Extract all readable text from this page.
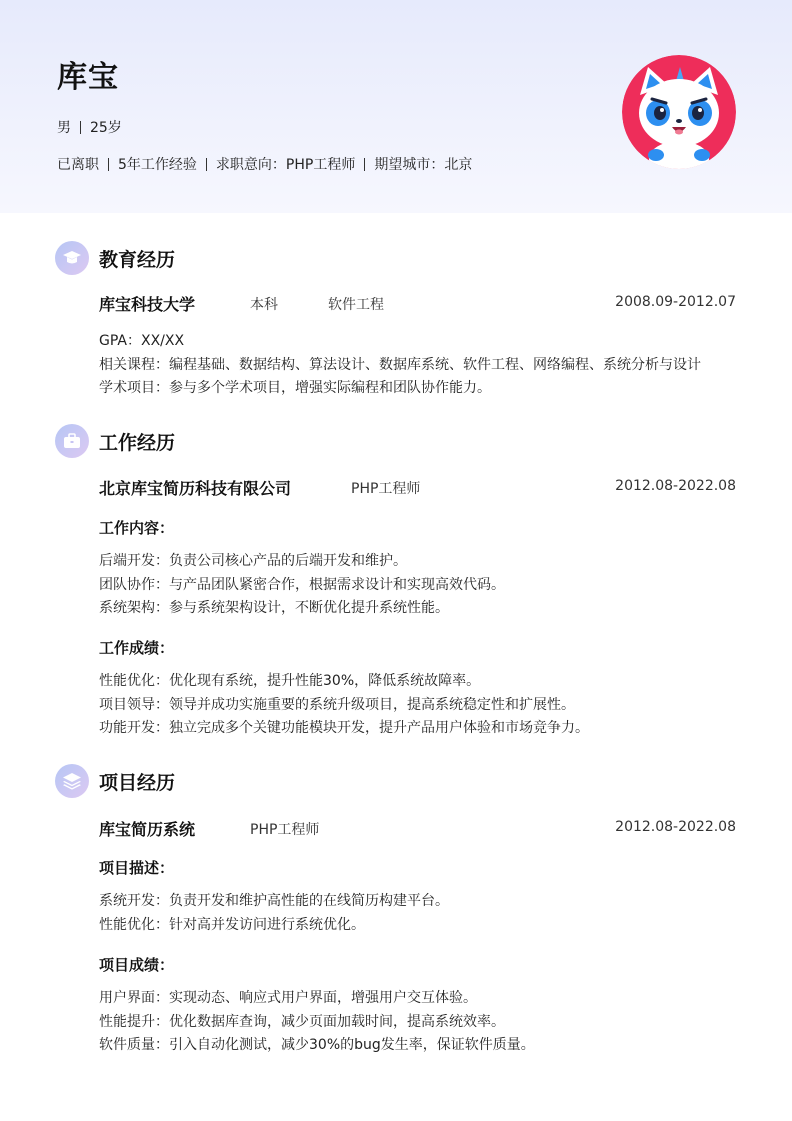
库宝
男 25岁
已离职 5年工作经验 求职意向：PHP工程师 期望城市：北京
教育经历
库宝科技大学	本科	软件工程	2008.09-2012.07
GPA：XX/XX
相关课程：编程基础、数据结构、算法设计、数据库系统、软件工程、网络编程、系统分析与设计
学术项目：参与多个学术项目，增强实际编程和团队协作能力。
工作经历
北京库宝简历科技有限公司	PHP工程师	2012.08-2022.08
工作内容：
后端开发：负责公司核心产品的后端开发和维护。
团队协作：与产品团队紧密合作，根据需求设计和实现高效代码。
系统架构：参与系统架构设计，不断优化提升系统性能。
工作成绩：
性能优化：优化现有系统，提升性能30%，降低系统故障率。
项目领导：领导并成功实施重要的系统升级项目，提高系统稳定性和扩展性。
功能开发：独立完成多个关键功能模块开发，提升产品用户体验和市场竞争力。
项目经历
库宝简历系统	PHP工程师	2012.08-2022.08
项目描述：
系统开发：负责开发和维护高性能的在线简历构建平台。
性能优化：针对高并发访问进行系统优化。
项目成绩：
用户界面：实现动态、响应式用户界面，增强用户交互体验。
性能提升：优化数据库查询，减少页面加载时间，提高系统效率。
软件质量：引入自动化测试，减少30%的bug发生率，保证软件质量。
